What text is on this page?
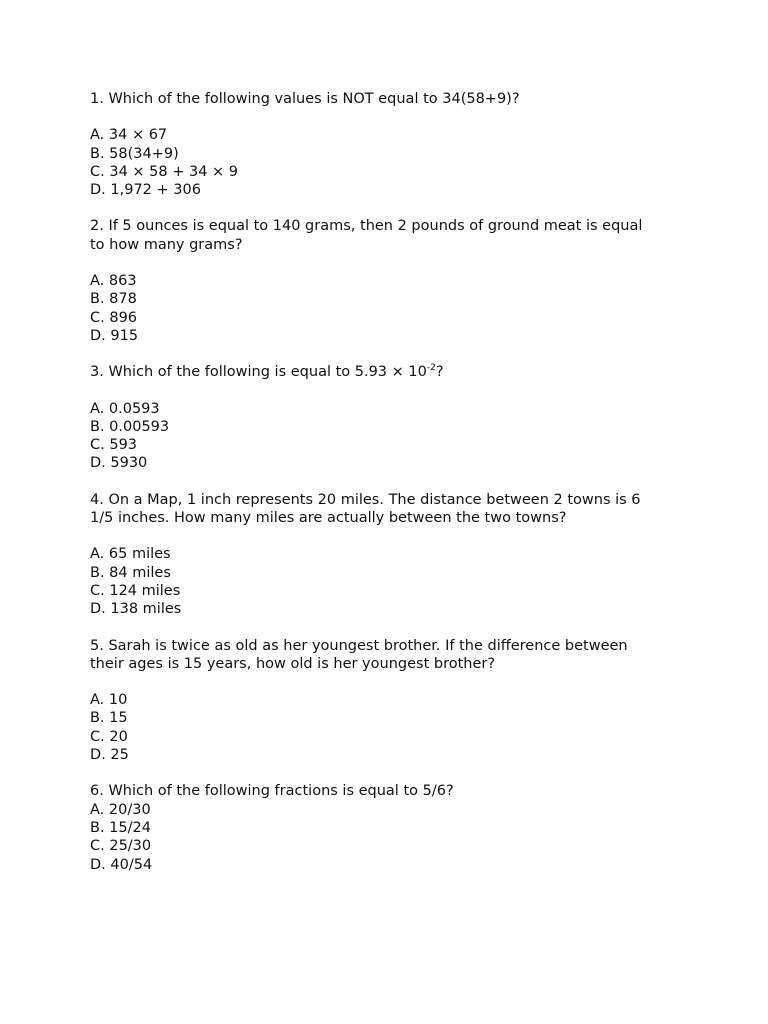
1. Which of the following values is NOT equal to 34(58+9)?

A. 34 × 67

B. 58(34+9)

C. 34 × 58 + 34 × 9

D. 1,972 + 306

2. If 5 ounces is equal to 140 grams, then 2 pounds of ground meat is equal

to how many grams?

A. 863

B. 878

C. 896

D. 915

3. Which of the following is equal to $5.93 \times 10^{-2}$?

A. 0.0593

B. 0.00593

C. 593

D. 5930

4. On a Map, 1 inch represents 20 miles. The distance between 2 towns is 6

1/5 inches. How many miles are actually between the two towns?

A. 65 miles

B. 84 miles

C. 124 miles

D. 138 miles

5. Sarah is twice as old as her youngest brother. If the difference between

their ages is 15 years, how old is her youngest brother?

A. 10

B. 15

C. 20

D. 25

6. Which of the following fractions is equal to 5/6?

A. 20/30

B. 15/24

C. 25/30

D. 40/54
